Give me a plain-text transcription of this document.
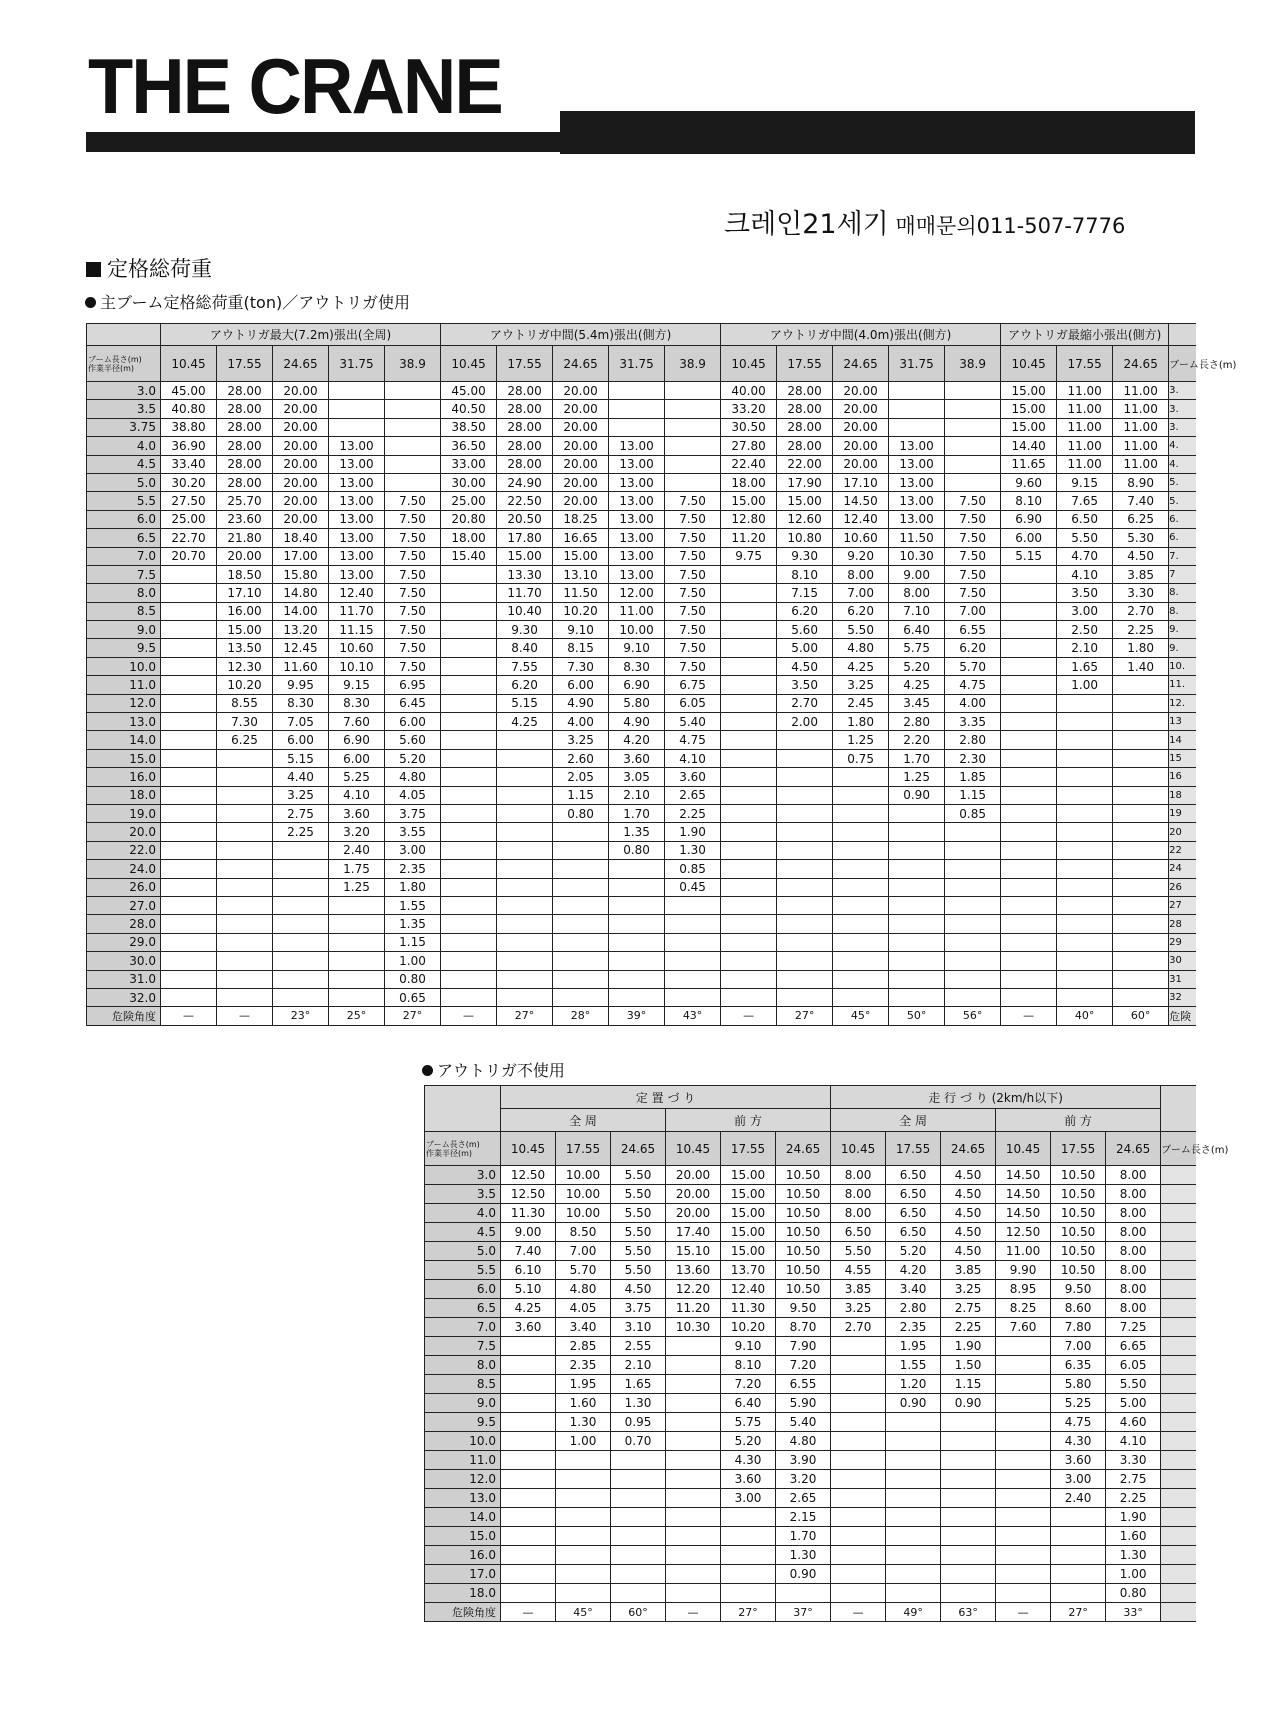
THE CRANE
크레인21세기 매매문의011-507-7776
定格総荷重
主ブーム定格総荷重(ton)／アウトリガ使用
	アウトリガ最大(7.2m)張出(全周)					アウトリガ中間(5.4m)張出(側方)					アウトリガ中間(4.0m)張出(側方)					アウトリガ最縮小張出(側方)			

ブーム長さ(m)
作業半径(m)	10.45	17.55	24.65	31.75	38.9	10.45	17.55	24.65	31.75	38.9	10.45	17.55	24.65	31.75	38.9	10.45	17.55	24.65	ブーム長さ(m)
3.0	45.00	28.00	20.00			45.00	28.00	20.00			40.00	28.00	20.00			15.00	11.00	11.00	3.
3.5	40.80	28.00	20.00			40.50	28.00	20.00			33.20	28.00	20.00			15.00	11.00	11.00	3.
3.75	38.80	28.00	20.00			38.50	28.00	20.00			30.50	28.00	20.00			15.00	11.00	11.00	3.
4.0	36.90	28.00	20.00	13.00		36.50	28.00	20.00	13.00		27.80	28.00	20.00	13.00		14.40	11.00	11.00	4.
4.5	33.40	28.00	20.00	13.00		33.00	28.00	20.00	13.00		22.40	22.00	20.00	13.00		11.65	11.00	11.00	4.
5.0	30.20	28.00	20.00	13.00		30.00	24.90	20.00	13.00		18.00	17.90	17.10	13.00		9.60	9.15	8.90	5.
5.5	27.50	25.70	20.00	13.00	7.50	25.00	22.50	20.00	13.00	7.50	15.00	15.00	14.50	13.00	7.50	8.10	7.65	7.40	5.
6.0	25.00	23.60	20.00	13.00	7.50	20.80	20.50	18.25	13.00	7.50	12.80	12.60	12.40	13.00	7.50	6.90	6.50	6.25	6.
6.5	22.70	21.80	18.40	13.00	7.50	18.00	17.80	16.65	13.00	7.50	11.20	10.80	10.60	11.50	7.50	6.00	5.50	5.30	6.
7.0	20.70	20.00	17.00	13.00	7.50	15.40	15.00	15.00	13.00	7.50	9.75	9.30	9.20	10.30	7.50	5.15	4.70	4.50	7.
7.5		18.50	15.80	13.00	7.50		13.30	13.10	13.00	7.50		8.10	8.00	9.00	7.50		4.10	3.85	7
8.0		17.10	14.80	12.40	7.50		11.70	11.50	12.00	7.50		7.15	7.00	8.00	7.50		3.50	3.30	8.
8.5		16.00	14.00	11.70	7.50		10.40	10.20	11.00	7.50		6.20	6.20	7.10	7.00		3.00	2.70	8.
9.0		15.00	13.20	11.15	7.50		9.30	9.10	10.00	7.50		5.60	5.50	6.40	6.55		2.50	2.25	9.
9.5		13.50	12.45	10.60	7.50		8.40	8.15	9.10	7.50		5.00	4.80	5.75	6.20		2.10	1.80	9.
10.0		12.30	11.60	10.10	7.50		7.55	7.30	8.30	7.50		4.50	4.25	5.20	5.70		1.65	1.40	10.
11.0		10.20	9.95	9.15	6.95		6.20	6.00	6.90	6.75		3.50	3.25	4.25	4.75		1.00		11.
12.0		8.55	8.30	8.30	6.45		5.15	4.90	5.80	6.05		2.70	2.45	3.45	4.00				12.
13.0		7.30	7.05	7.60	6.00		4.25	4.00	4.90	5.40		2.00	1.80	2.80	3.35				13
14.0		6.25	6.00	6.90	5.60			3.25	4.20	4.75			1.25	2.20	2.80				14
15.0			5.15	6.00	5.20			2.60	3.60	4.10			0.75	1.70	2.30				15
16.0			4.40	5.25	4.80			2.05	3.05	3.60				1.25	1.85				16
18.0			3.25	4.10	4.05			1.15	2.10	2.65				0.90	1.15				18
19.0			2.75	3.60	3.75			0.80	1.70	2.25					0.85				19
20.0			2.25	3.20	3.55				1.35	1.90									20
22.0				2.40	3.00				0.80	1.30									22
24.0				1.75	2.35					0.85									24
26.0				1.25	1.80					0.45									26
27.0					1.55														27
28.0					1.35														28
29.0					1.15														29
30.0					1.00														30
31.0					0.80														31
32.0					0.65														32
危険角度	—	—	23°	25°	27°	—	27°	28°	39°	43°	—	27°	45°	50°	56°	—	40°	60°	危険
アウトリガ不使用
	定 置 づ り						走 行 づ り (2km/h以下)						
	全 周			前 方			全 周			前 方			

ブーム長さ(m)
作業半径(m)	10.45	17.55	24.65	10.45	17.55	24.65	10.45	17.55	24.65	10.45	17.55	24.65	ブーム長さ(m)
3.0	12.50	10.00	5.50	20.00	15.00	10.50	8.00	6.50	4.50	14.50	10.50	8.00	
3.5	12.50	10.00	5.50	20.00	15.00	10.50	8.00	6.50	4.50	14.50	10.50	8.00	
4.0	11.30	10.00	5.50	20.00	15.00	10.50	8.00	6.50	4.50	14.50	10.50	8.00	
4.5	9.00	8.50	5.50	17.40	15.00	10.50	6.50	6.50	4.50	12.50	10.50	8.00	
5.0	7.40	7.00	5.50	15.10	15.00	10.50	5.50	5.20	4.50	11.00	10.50	8.00	
5.5	6.10	5.70	5.50	13.60	13.70	10.50	4.55	4.20	3.85	9.90	10.50	8.00	
6.0	5.10	4.80	4.50	12.20	12.40	10.50	3.85	3.40	3.25	8.95	9.50	8.00	
6.5	4.25	4.05	3.75	11.20	11.30	9.50	3.25	2.80	2.75	8.25	8.60	8.00	
7.0	3.60	3.40	3.10	10.30	10.20	8.70	2.70	2.35	2.25	7.60	7.80	7.25	
7.5		2.85	2.55		9.10	7.90		1.95	1.90		7.00	6.65	
8.0		2.35	2.10		8.10	7.20		1.55	1.50		6.35	6.05	
8.5		1.95	1.65		7.20	6.55		1.20	1.15		5.80	5.50	
9.0		1.60	1.30		6.40	5.90		0.90	0.90		5.25	5.00	
9.5		1.30	0.95		5.75	5.40					4.75	4.60	
10.0		1.00	0.70		5.20	4.80					4.30	4.10	
11.0					4.30	3.90					3.60	3.30	
12.0					3.60	3.20					3.00	2.75	
13.0					3.00	2.65					2.40	2.25	
14.0						2.15						1.90	
15.0						1.70						1.60	
16.0						1.30						1.30	
17.0						0.90						1.00	
18.0												0.80	
危険角度	—	45°	60°	—	27°	37°	—	49°	63°	—	27°	33°	
